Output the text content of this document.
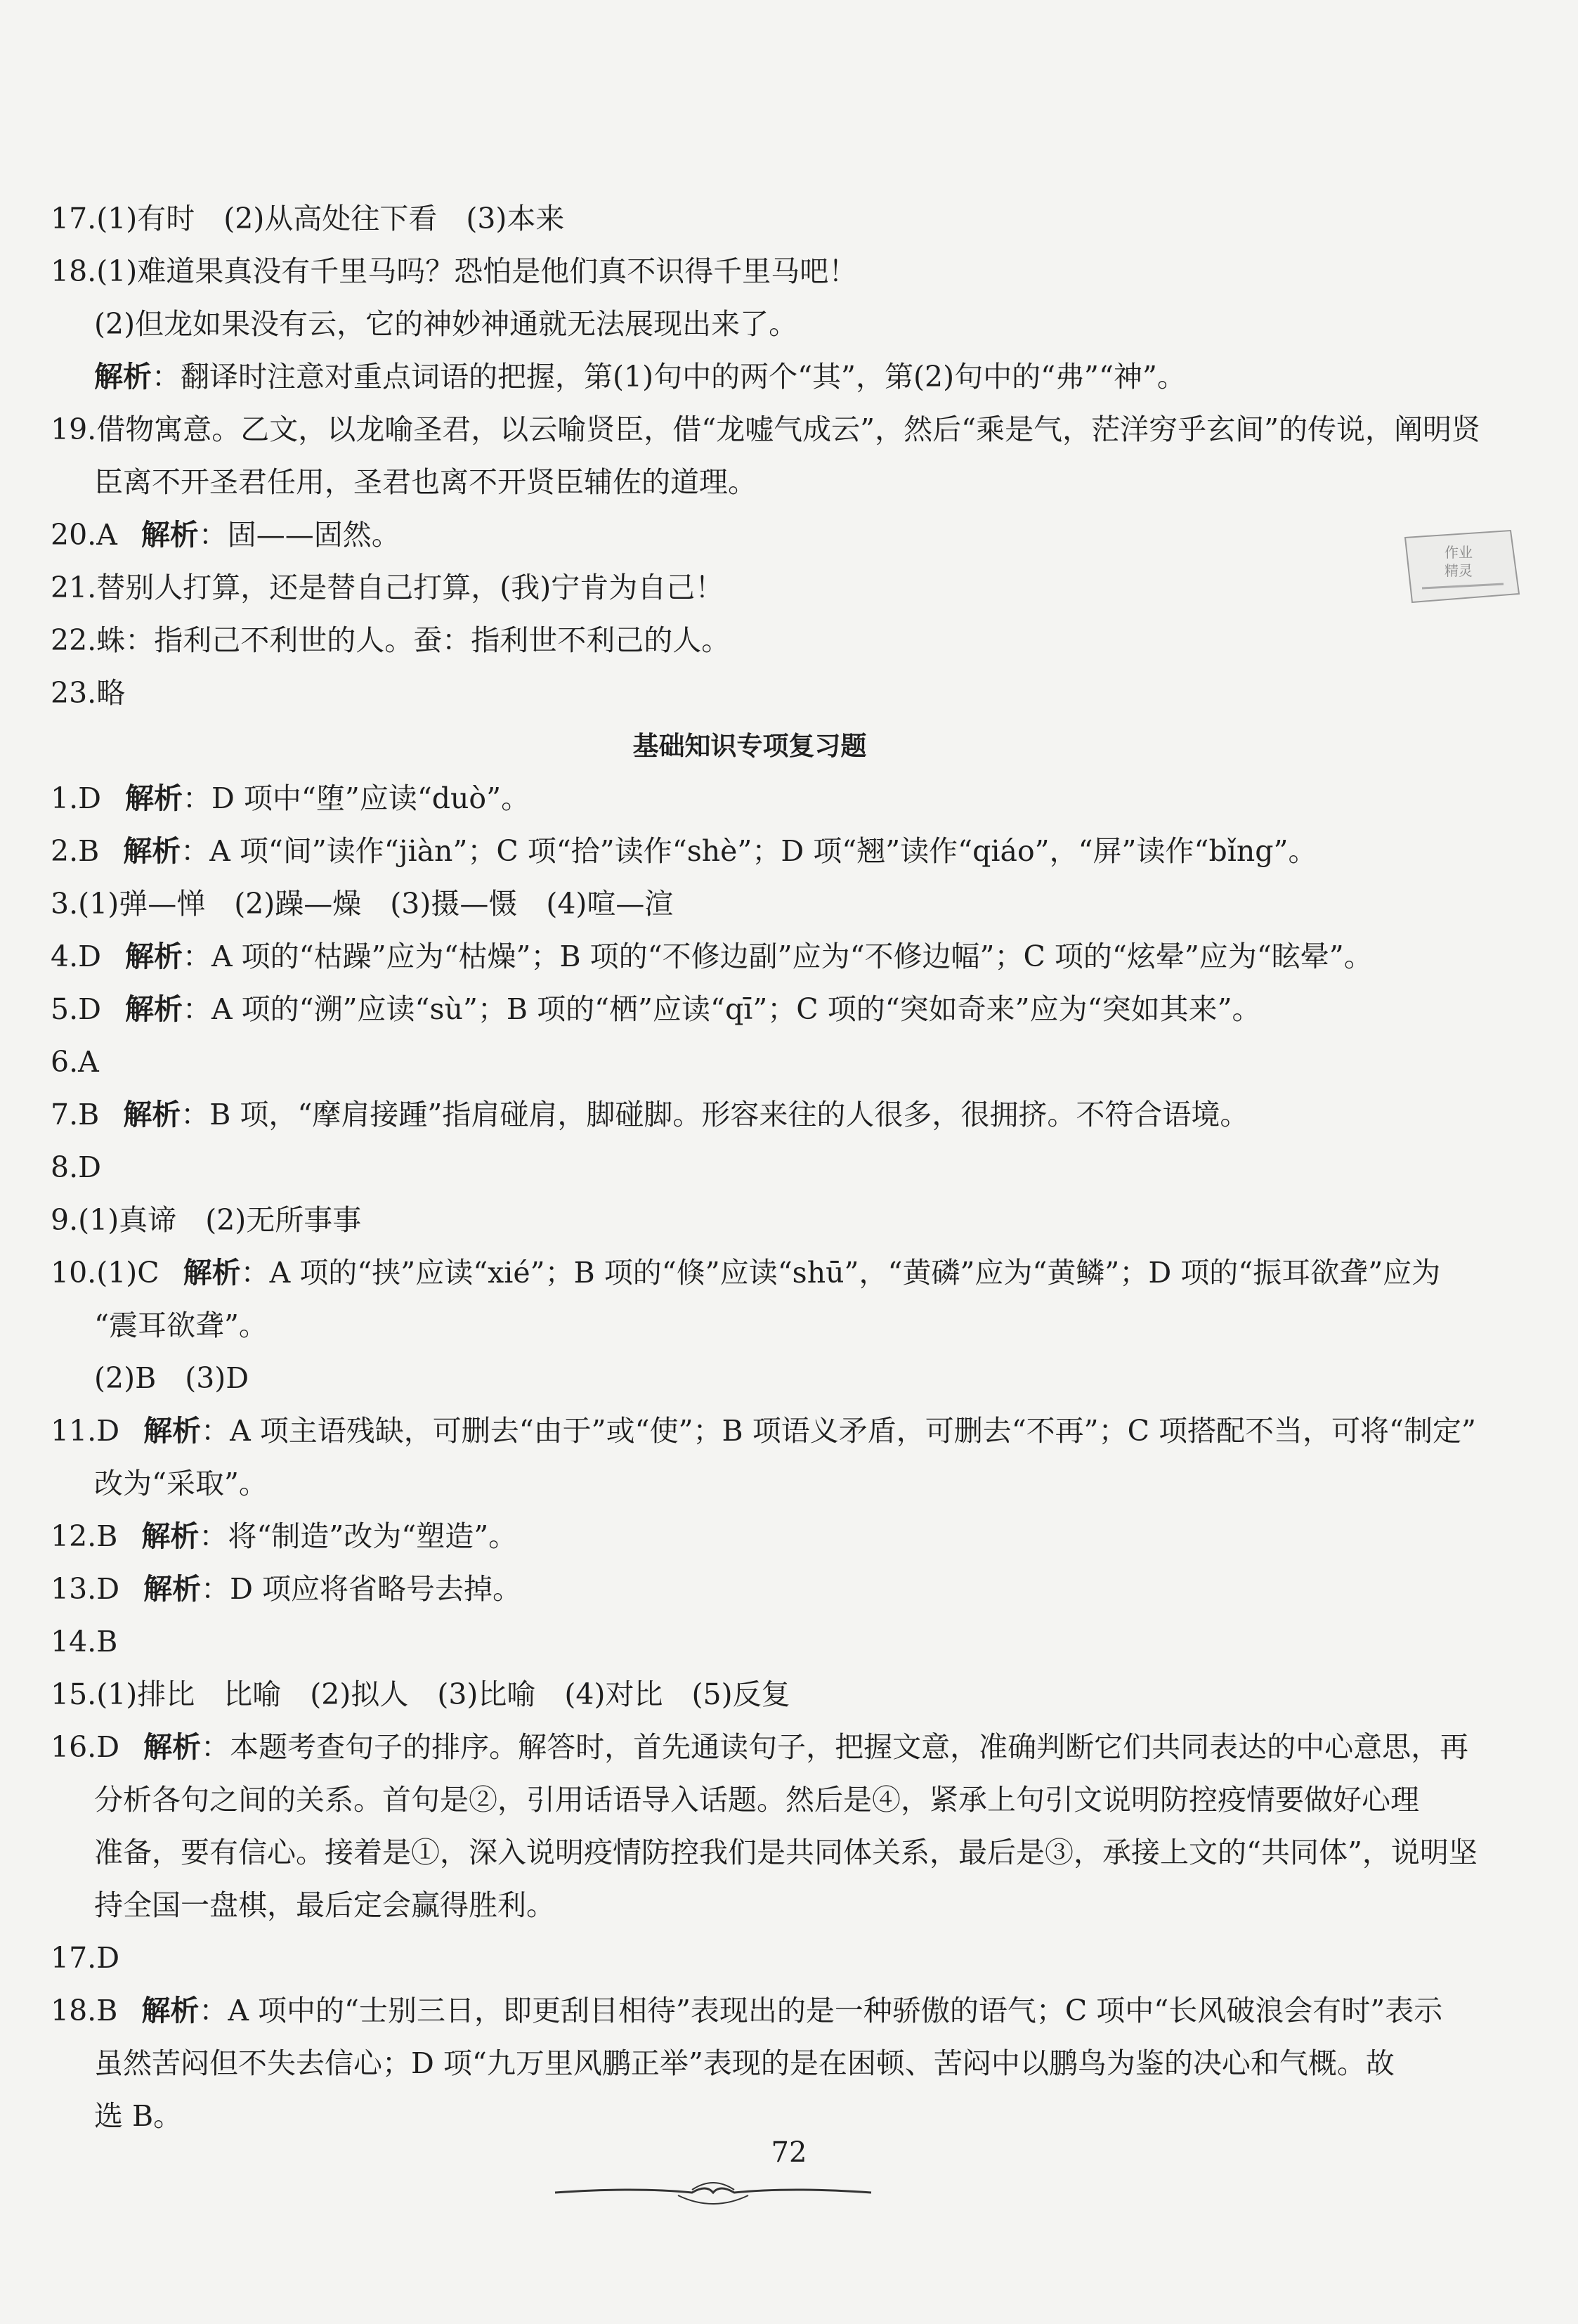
17.(1)有时　(2)从高处往下看　(3)本来
18.(1)难道果真没有千里马吗？恐怕是他们真不识得千里马吧！
(2)但龙如果没有云，它的神妙神通就无法展现出来了。
解析：翻译时注意对重点词语的把握，第(1)句中的两个“其”，第(2)句中的“弗”“神”。
19.借物寓意。乙文，以龙喻圣君，以云喻贤臣，借“龙嘘气成云”，然后“乘是气，茫洋穷乎玄间”的传说，阐明贤
臣离不开圣君任用，圣君也离不开贤臣辅佐的道理。
20.A 解析：固——固然。
21.替别人打算，还是替自己打算，(我)宁肯为自己！
22.蛛：指利己不利世的人。蚕：指利世不利己的人。
23.略
基础知识专项复习题
1.D 解析：D 项中“堕”应读“duò”。
2.B 解析：A 项“间”读作“jiàn”；C 项“拾”读作“shè”；D 项“翘”读作“qiáo”，“屏”读作“bǐng”。
3.(1)弹—惮　(2)躁—燥　(3)摄—慑　(4)喧—渲
4.D 解析：A 项的“枯躁”应为“枯燥”；B 项的“不修边副”应为“不修边幅”；C 项的“炫晕”应为“眩晕”。
5.D 解析：A 项的“溯”应读“sù”；B 项的“栖”应读“qī”；C 项的“突如奇来”应为“突如其来”。
6.A
7.B 解析：B 项，“摩肩接踵”指肩碰肩，脚碰脚。形容来往的人很多，很拥挤。不符合语境。
8.D
9.(1)真谛　(2)无所事事
10.(1)C 解析：A 项的“挟”应读“xié”；B 项的“倏”应读“shū”，“黄磷”应为“黄鳞”；D 项的“振耳欲聋”应为
“震耳欲聋”。
(2)B　(3)D
11.D 解析：A 项主语残缺，可删去“由于”或“使”；B 项语义矛盾，可删去“不再”；C 项搭配不当，可将“制定”
改为“采取”。
12.B 解析：将“制造”改为“塑造”。
13.D 解析：D 项应将省略号去掉。
14.B
15.(1)排比　比喻　(2)拟人　(3)比喻　(4)对比　(5)反复
16.D 解析：本题考查句子的排序。解答时，首先通读句子，把握文意，准确判断它们共同表达的中心意思，再
分析各句之间的关系。首句是②，引用话语导入话题。然后是④，紧承上句引文说明防控疫情要做好心理
准备，要有信心。接着是①，深入说明疫情防控我们是共同体关系，最后是③，承接上文的“共同体”，说明坚
持全国一盘棋，最后定会赢得胜利。
17.D
18.B 解析：A 项中的“士别三日，即更刮目相待”表现出的是一种骄傲的语气；C 项中“长风破浪会有时”表示
虽然苦闷但不失去信心；D 项“九万里风鹏正举”表现的是在困顿、苦闷中以鹏鸟为鉴的决心和气概。故
选 B。
72
作业
精灵
